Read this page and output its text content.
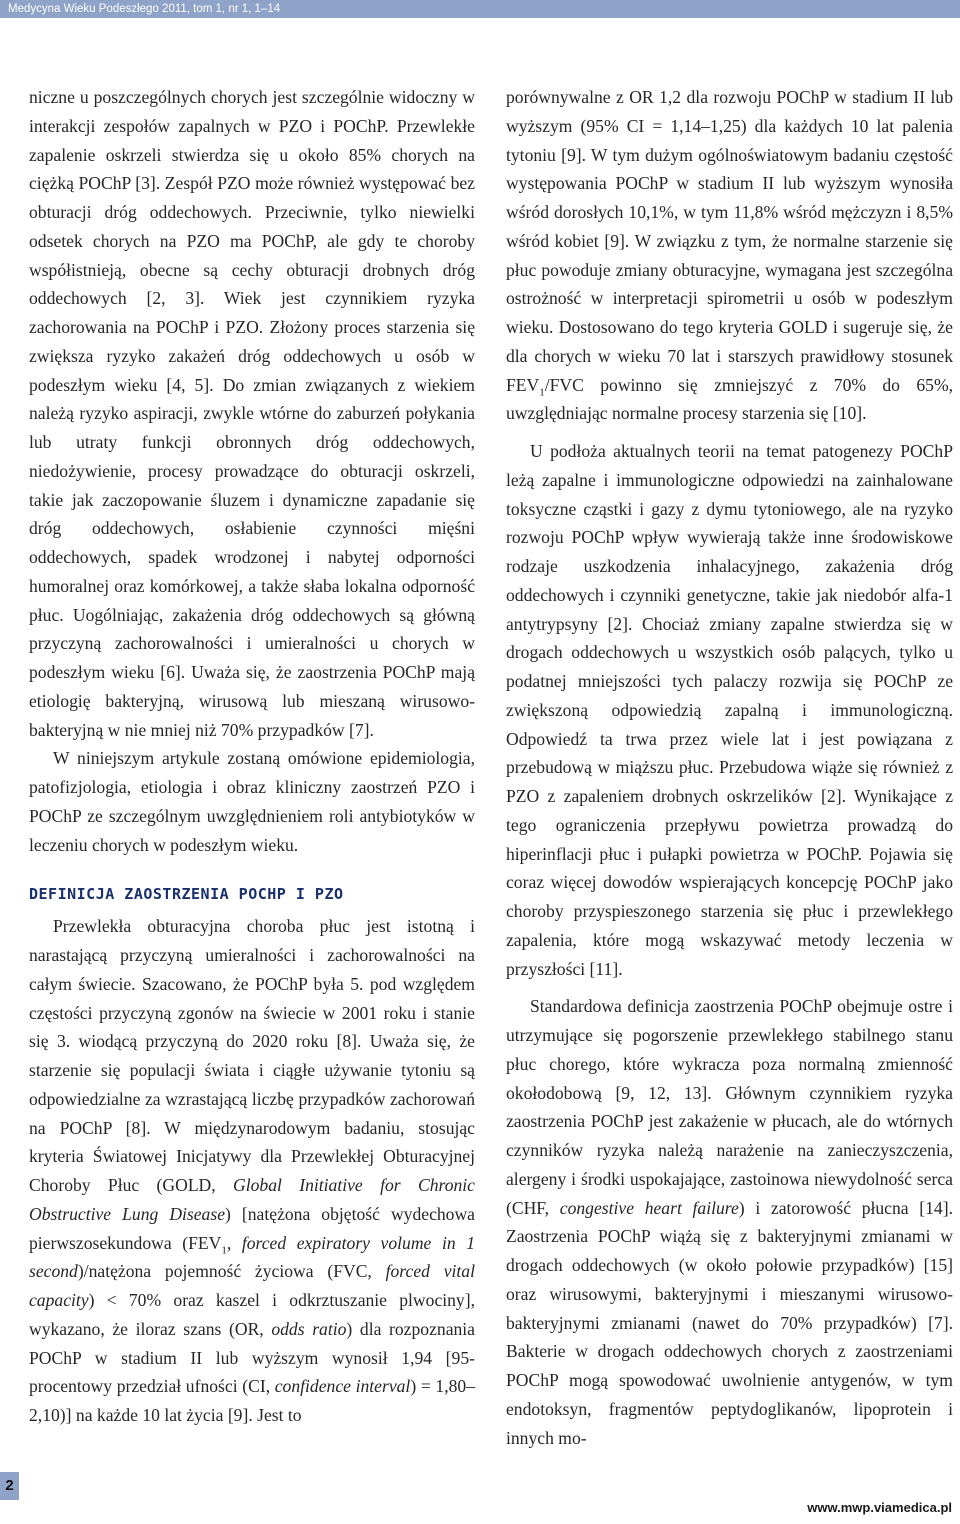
Medycyna Wieku Podeszłego 2011, tom 1, nr 1, 1–14

niczne u poszczególnych chorych jest szczególnie widoczny w interakcji zespołów zapalnych w PZO i POChP. Przewlekłe zapalenie oskrzeli stwierdza się u około 85% chorych na ciężką POChP [3]. Zespół PZO może również występować bez obturacji dróg oddechowych. Przeciwnie, tylko niewielki odsetek chorych na PZO ma POChP, ale gdy te choroby współistnieją, obecne są cechy obturacji drobnych dróg oddechowych [2, 3]. Wiek jest czynnikiem ryzyka zachorowania na POChP i PZO. Złożony proces starzenia się zwiększa ryzyko zakażeń dróg oddechowych u osób w podeszłym wieku [4, 5]. Do zmian związanych z wiekiem należą ryzyko aspiracji, zwykle wtórne do zaburzeń połykania lub utraty funkcji obronnych dróg oddechowych, niedożywienie, procesy prowadzące do obturacji oskrzeli, takie jak zaczopowanie śluzem i dynamiczne zapadanie się dróg oddechowych, osłabienie czynności mięśni oddechowych, spadek wrodzonej i nabytej odporności humoralnej oraz komórkowej, a także słaba lokalna odporność płuc. Uogólniając, zakażenia dróg oddechowych są główną przyczyną zachorowalności i umieralności u chorych w podeszłym wieku [6]. Uważa się, że zaostrzenia POChP mają etiologię bakteryjną, wirusową lub mieszaną wirusowo-bakteryjną w nie mniej niż 70% przypadków [7].

W niniejszym artykule zostaną omówione epidemiologia, patofizjologia, etiologia i obraz kliniczny zaostrzeń PZO i POChP ze szczególnym uwzględnieniem roli antybiotyków w leczeniu chorych w podeszłym wieku.

DEFINICJA ZAOSTRZENIA POCHP I PZO

Przewlekła obturacyjna choroba płuc jest istotną i narastającą przyczyną umieralności i zachorowalności na całym świecie. Szacowano, że POChP była 5. pod względem częstości przyczyną zgonów na świecie w 2001 roku i stanie się 3. wiodącą przyczyną do 2020 roku [8]. Uważa się, że starzenie się populacji świata i ciągłe używanie tytoniu są odpowiedzialne za wzrastającą liczbę przypadków zachorowań na POChP [8]. W międzynarodowym badaniu, stosując kryteria Światowej Inicjatywy dla Przewlekłej Obturacyjnej Choroby Płuc (GOLD, Global Initiative for Chronic Obstructive Lung Disease) [natężona objętość wydechowa pierwszosekundowa ($FEV_1$, forced expiratory volume in 1 second)/natężona pojemność życiowa (FVC, forced vital capacity) < 70% oraz kaszel i odkrztuszanie plwociny], wykazano, że iloraz szans (OR, odds ratio) dla rozpoznania POChP w stadium II lub wyższym wynosił 1,94 [95-procentowy przedział ufności (CI, confidence interval) = 1,80–2,10)] na każde 10 lat życia [9]. Jest to

porównywalne z OR 1,2 dla rozwoju POChP w stadium II lub wyższym (95% CI = 1,14–1,25) dla każdych 10 lat palenia tytoniu [9]. W tym dużym ogólnoświatowym badaniu częstość występowania POChP w stadium II lub wyższym wynosiła wśród dorosłych 10,1%, w tym 11,8% wśród mężczyzn i 8,5% wśród kobiet [9]. W związku z tym, że normalne starzenie się płuc powoduje zmiany obturacyjne, wymagana jest szczególna ostrożność w interpretacji spirometrii u osób w podeszłym wieku. Dostosowano do tego kryteria GOLD i sugeruje się, że dla chorych w wieku 70 lat i starszych prawidłowy stosunek $FEV_1$/FVC powinno się zmniejszyć z 70% do 65%, uwzględniając normalne procesy starzenia się [10].

U podłoża aktualnych teorii na temat patogenezy POChP leżą zapalne i immunologiczne odpowiedzi na zainhalowane toksyczne cząstki i gazy z dymu tytoniowego, ale na ryzyko rozwoju POChP wpływ wywierają także inne środowiskowe rodzaje uszkodzenia inhalacyjnego, zakażenia dróg oddechowych i czynniki genetyczne, takie jak niedobór alfa-1 antytrypsyny [2]. Chociaż zmiany zapalne stwierdza się w drogach oddechowych u wszystkich osób palących, tylko u podatnej mniejszości tych palaczy rozwija się POChP ze zwiększoną odpowiedzią zapalną i immunologiczną. Odpowiedź ta trwa przez wiele lat i jest powiązana z przebudową w miąższu płuc. Przebudowa wiąże się również z PZO z zapaleniem drobnych oskrzelików [2]. Wynikające z tego ograniczenia przepływu powietrza prowadzą do hiperinflacji płuc i pułapki powietrza w POChP. Pojawia się coraz więcej dowodów wspierających koncepcję POChP jako choroby przyspieszonego starzenia się płuc i przewlekłego zapalenia, które mogą wskazywać metody leczenia w przyszłości [11].

Standardowa definicja zaostrzenia POChP obejmuje ostre i utrzymujące się pogorszenie przewlekłego stabilnego stanu płuc chorego, które wykracza poza normalną zmienność okołodobową [9, 12, 13]. Głównym czynnikiem ryzyka zaostrzenia POChP jest zakażenie w płucach, ale do wtórnych czynników ryzyka należą narażenie na zanieczyszczenia, alergeny i środki uspokajające, zastoinowa niewydolność serca (CHF, congestive heart failure) i zatorowość płucna [14]. Zaostrzenia POChP wiążą się z bakteryjnymi zmianami w drogach oddechowych (w około połowie przypadków) [15] oraz wirusowymi, bakteryjnymi i mieszanymi wirusowo-bakteryjnymi zmianami (nawet do 70% przypadków) [7]. Bakterie w drogach oddechowych chorych z zaostrzeniami POChP mogą spowodować uwolnienie antygenów, w tym endotoksyn, fragmentów peptydoglikanów, lipoprotein i innych mo-

2
www.mwp.viamedica.pl
